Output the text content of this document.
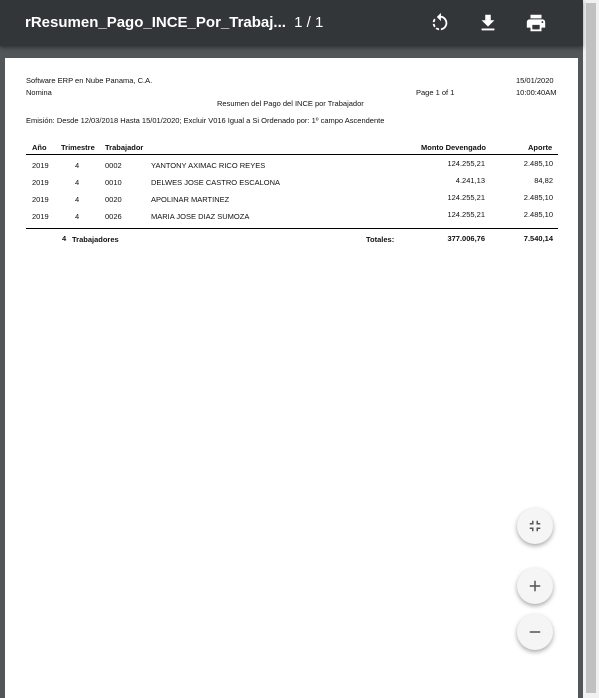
rResumen_Pago_INCE_Por_Trabaj... 1 / 1
Software ERP en Nube Panama, C.A.
Nomina
15/01/2020
10:00:40AM
Page 1 of 1
Resumen del Pago del INCE por Trabajador
Emisión: Desde 12/03/2018 Hasta 15/01/2020; Excluir V016 Igual a Si Ordenado por: 1º campo Ascendente
Año Trimestre Trabajador	Monto Devengado	Aporte
2019	4	0002	YANTONY AXIMAC RICO REYES	124.255,21	2.485,10
2019	4	0010	DELWES JOSE CASTRO ESCALONA	4.241,13	84,82
2019	4	0020	APOLINAR MARTINEZ	124.255,21	2.485,10
2019	4	0026	MARIA JOSE DIAZ SUMOZA	124.255,21	2.485,10
4 Trabajadores	Totales:	377.006,76	7.540,14
